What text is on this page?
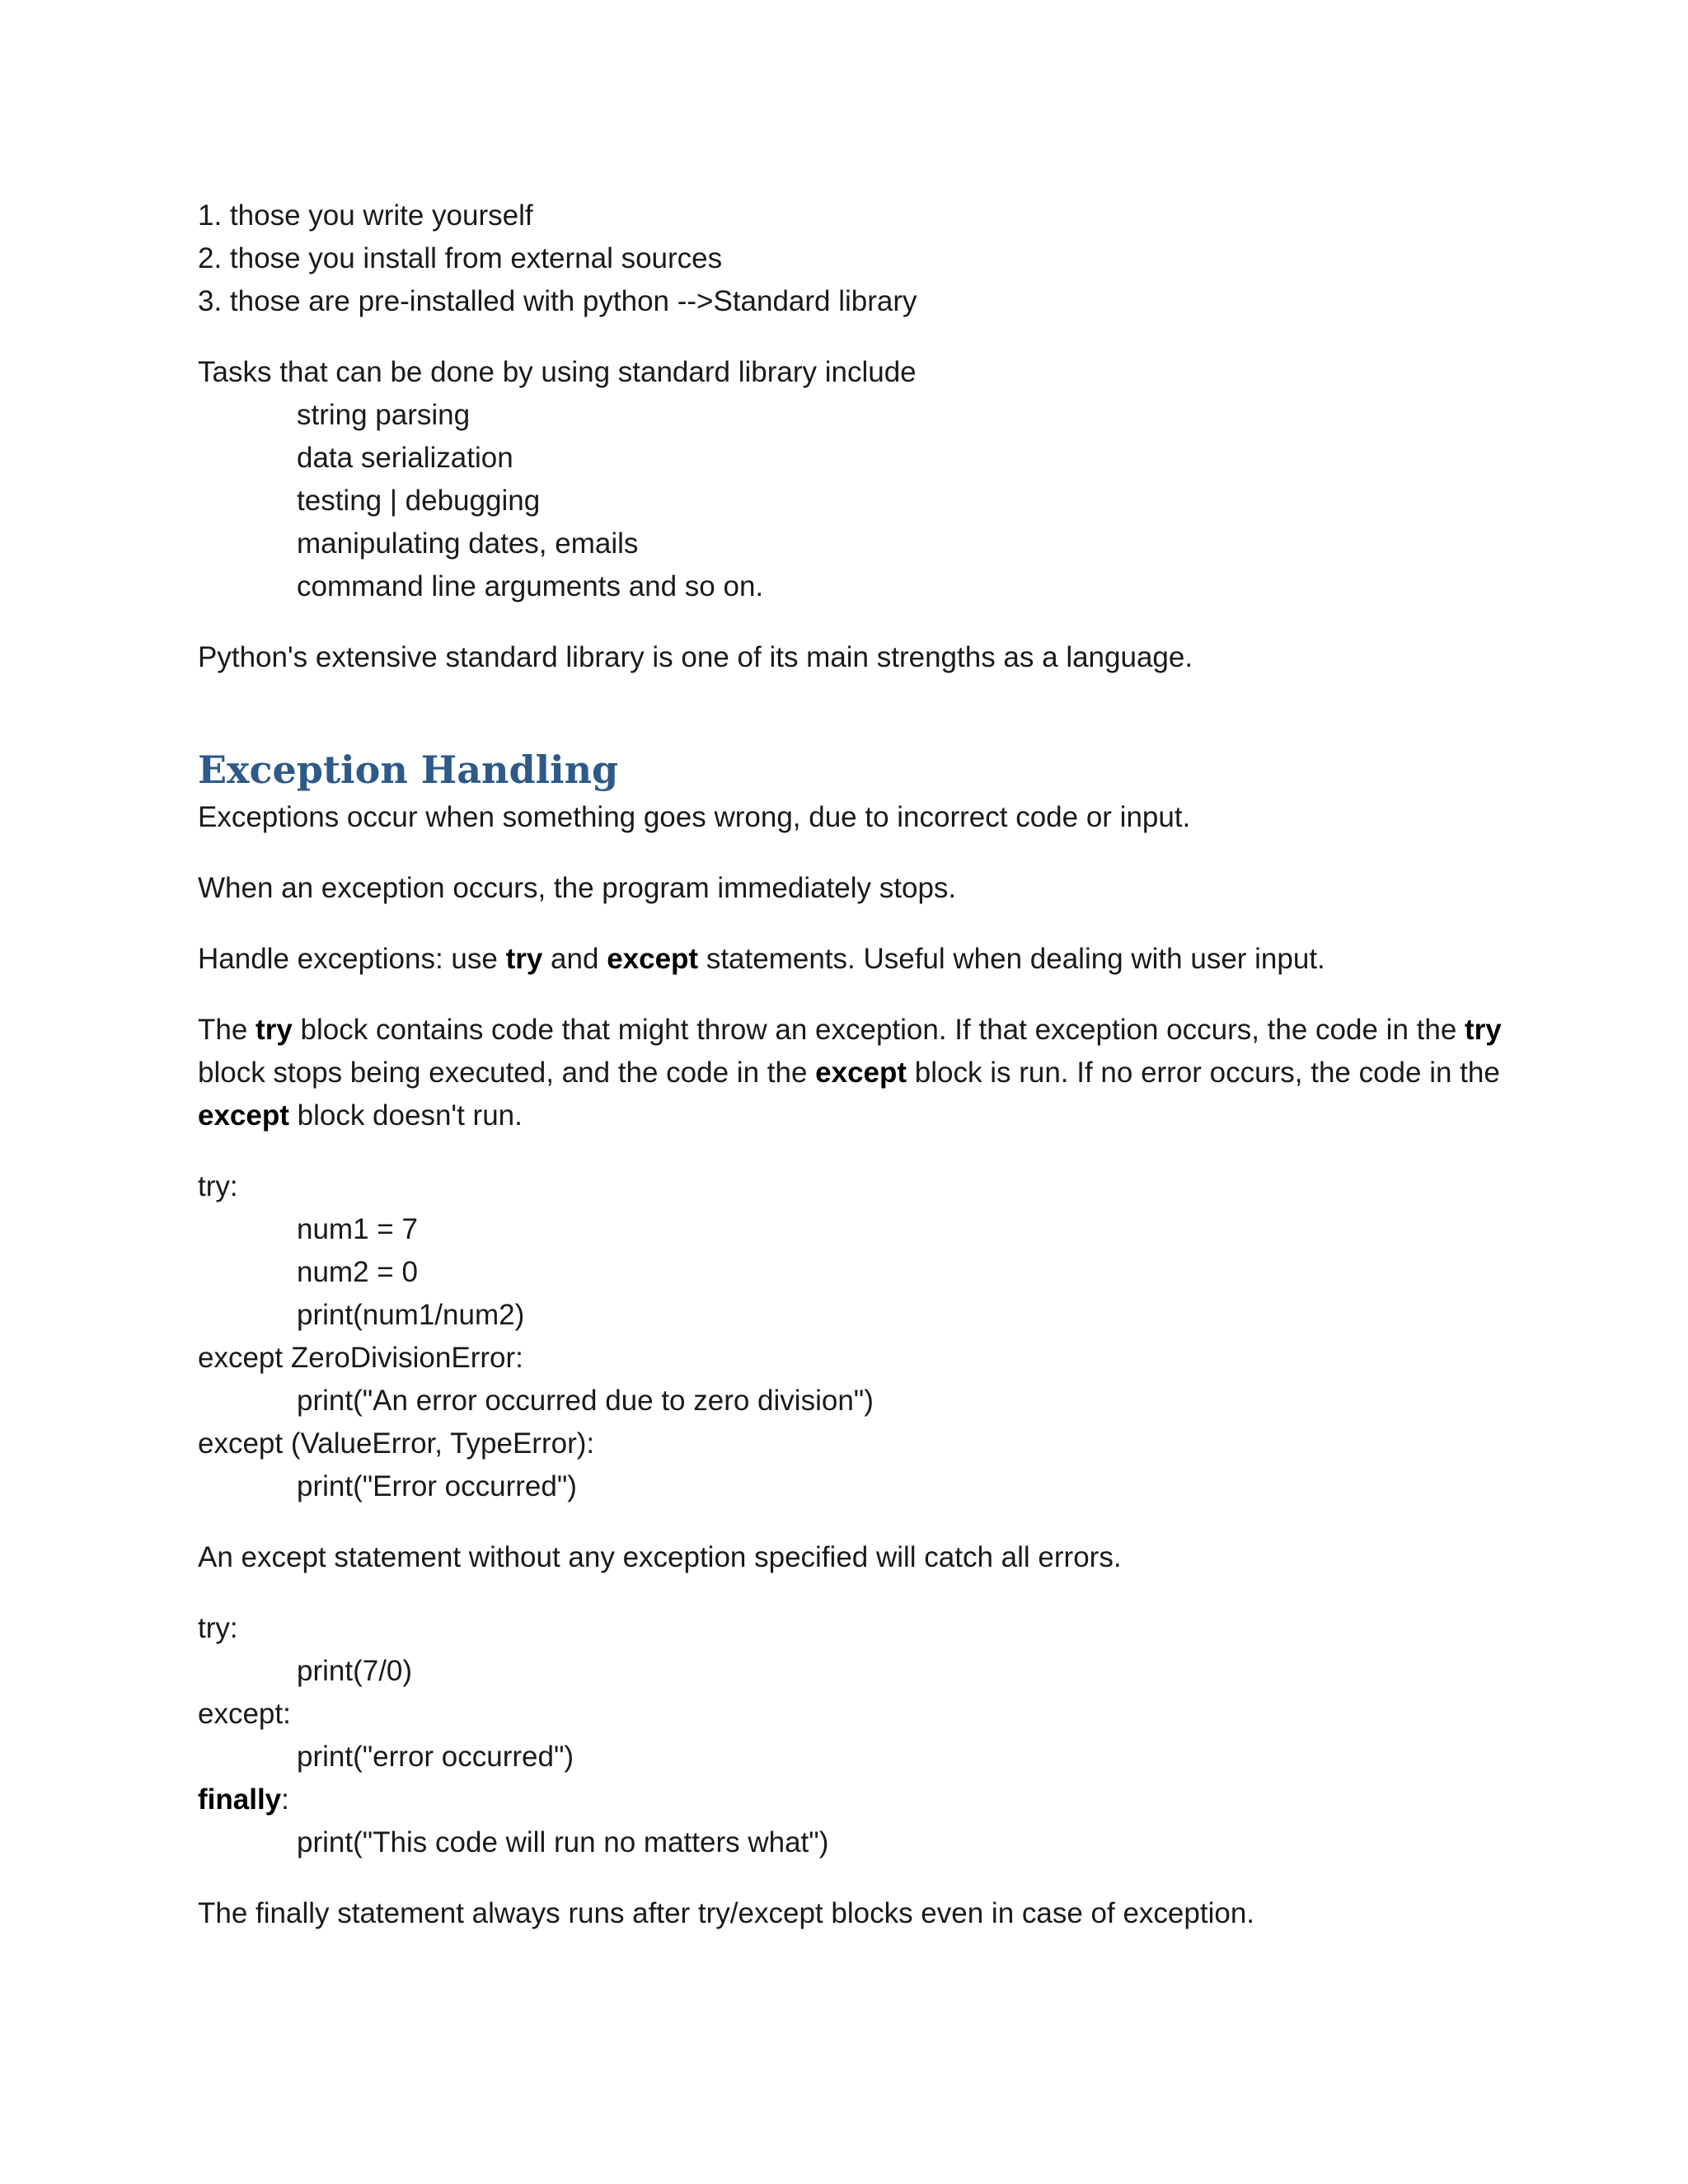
1. those you write yourself
2. those you install from external sources
3. those are pre-installed with python -->Standard library
Tasks that can be done by using standard library include
string parsing
data serialization
testing | debugging
manipulating dates, emails
command line arguments and so on.
Python's extensive standard library is one of its main strengths as a language.
Exception Handling
Exceptions occur when something goes wrong, due to incorrect code or input.
When an exception occurs, the program immediately stops.
Handle exceptions: use try and except statements. Useful when dealing with user input.
The try block contains code that might throw an exception. If that exception occurs, the code in the try block stops being executed, and the code in the except block is run. If no error occurs, the code in the except block doesn't run.
try:
num1 = 7
num2 = 0
print(num1/num2)
except ZeroDivisionError:
print("An error occurred due to zero division")
except (ValueError, TypeError):
print("Error occurred")
An except statement without any exception specified will catch all errors.
try:
print(7/0)
except:
print("error occurred")
finally:
print("This code will run no matters what")
The finally statement always runs after try/except blocks even in case of exception.
